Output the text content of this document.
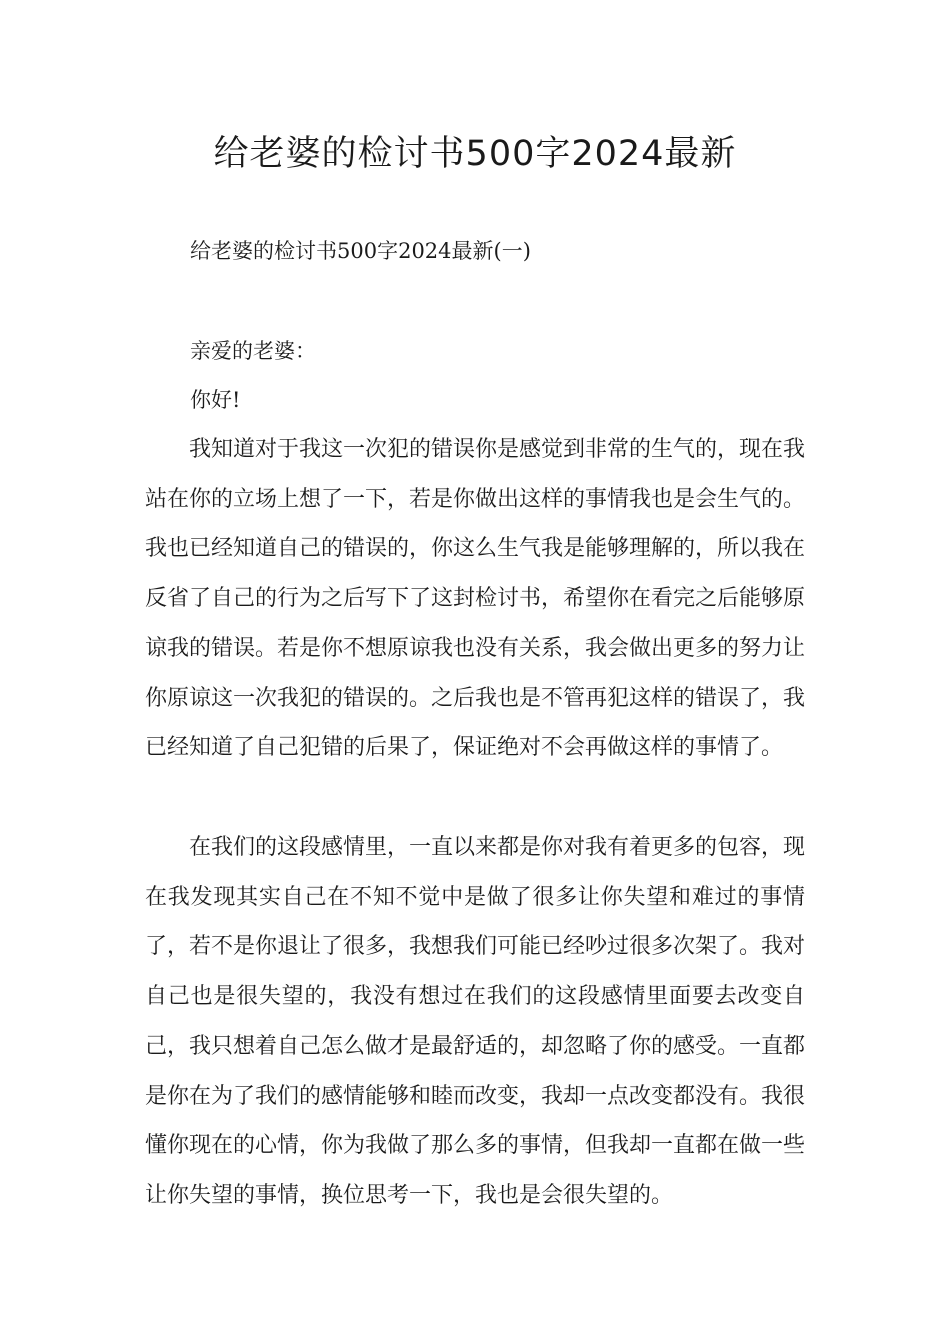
给老婆的检讨书500字2024最新

给老婆的检讨书500字2024最新(一)

亲爱的老婆：

你好!

我知道对于我这一次犯的错误你是感觉到非常的生气的，现在我站在你的立场上想了一下，若是你做出这样的事情我也是会生气的。我也已经知道自己的错误的，你这么生气我是能够理解的，所以我在反省了自己的行为之后写下了这封检讨书，希望你在看完之后能够原谅我的错误。若是你不想原谅我也没有关系，我会做出更多的努力让你原谅这一次我犯的错误的。之后我也是不管再犯这样的错误了，我已经知道了自己犯错的后果了，保证绝对不会再做这样的事情了。

在我们的这段感情里，一直以来都是你对我有着更多的包容，现在我发现其实自己在不知不觉中是做了很多让你失望和难过的事情了，若不是你退让了很多，我想我们可能已经吵过很多次架了。我对自己也是很失望的，我没有想过在我们的这段感情里面要去改变自己，我只想着自己怎么做才是最舒适的，却忽略了你的感受。一直都是你在为了我们的感情能够和睦而改变，我却一点改变都没有。我很懂你现在的心情，你为我做了那么多的事情，但我却一直都在做一些让你失望的事情，换位思考一下，我也是会很失望的。
